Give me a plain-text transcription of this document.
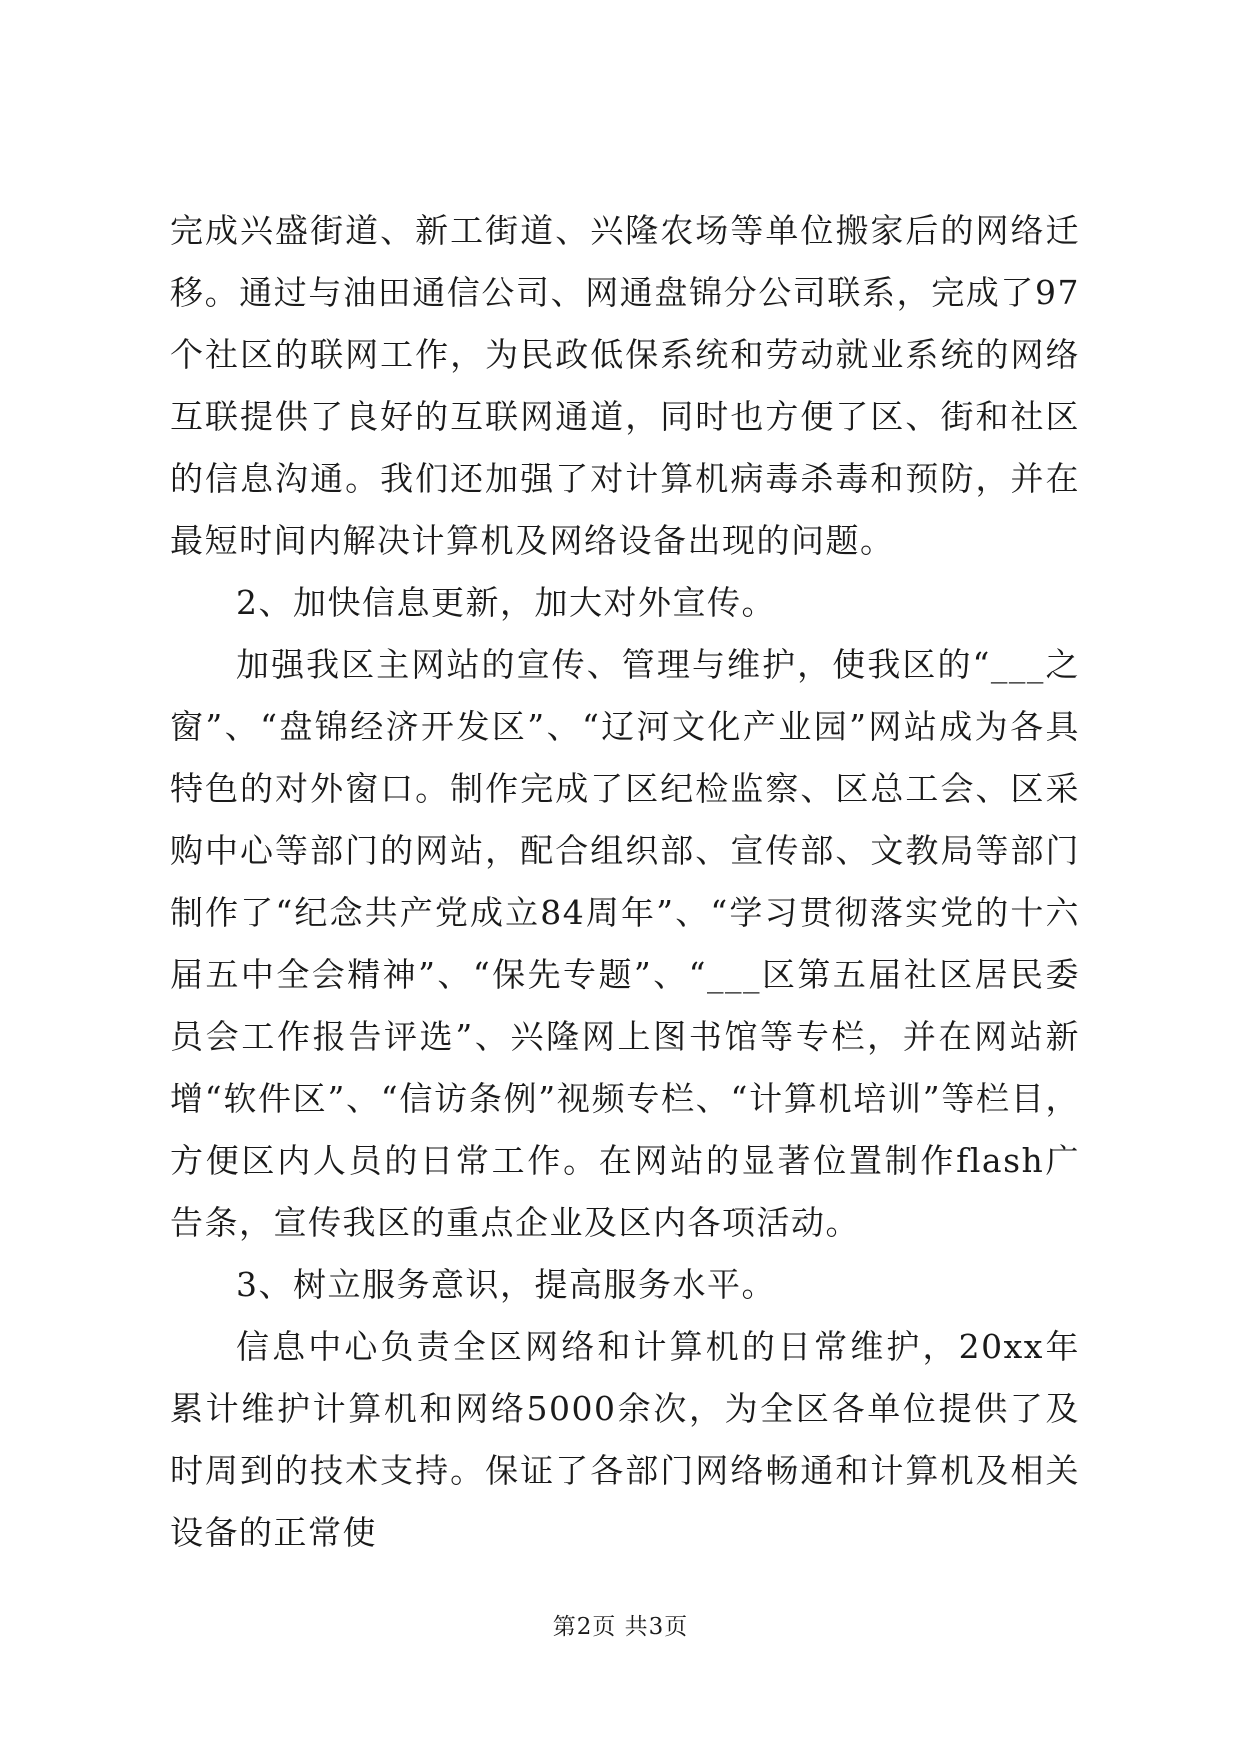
完成兴盛街道、新工街道、兴隆农场等单位搬家后的网络迁移。通过与油田通信公司、网通盘锦分公司联系，完成了97个社区的联网工作，为民政低保系统和劳动就业系统的网络互联提供了良好的互联网通道，同时也方便了区、街和社区的信息沟通。我们还加强了对计算机病毒杀毒和预防，并在最短时间内解决计算机及网络设备出现的问题。

2、加快信息更新，加大对外宣传。

加强我区主网站的宣传、管理与维护，使我区的“___之窗”、“盘锦经济开发区”、“辽河文化产业园”网站成为各具特色的对外窗口。制作完成了区纪检监察、区总工会、区采购中心等部门的网站，配合组织部、宣传部、文教局等部门制作了“纪念共产党成立84周年”、“学习贯彻落实党的十六届五中全会精神”、“保先专题”、“___区第五届社区居民委员会工作报告评选”、兴隆网上图书馆等专栏，并在网站新增“软件区”、“信访条例”视频专栏、“计算机培训”等栏目，方便区内人员的日常工作。在网站的显著位置制作flash广告条，宣传我区的重点企业及区内各项活动。

3、树立服务意识，提高服务水平。

信息中心负责全区网络和计算机的日常维护，20xx年累计维护计算机和网络5000余次，为全区各单位提供了及时周到的技术支持。保证了各部门网络畅通和计算机及相关设备的正常使

第2页 共3页
